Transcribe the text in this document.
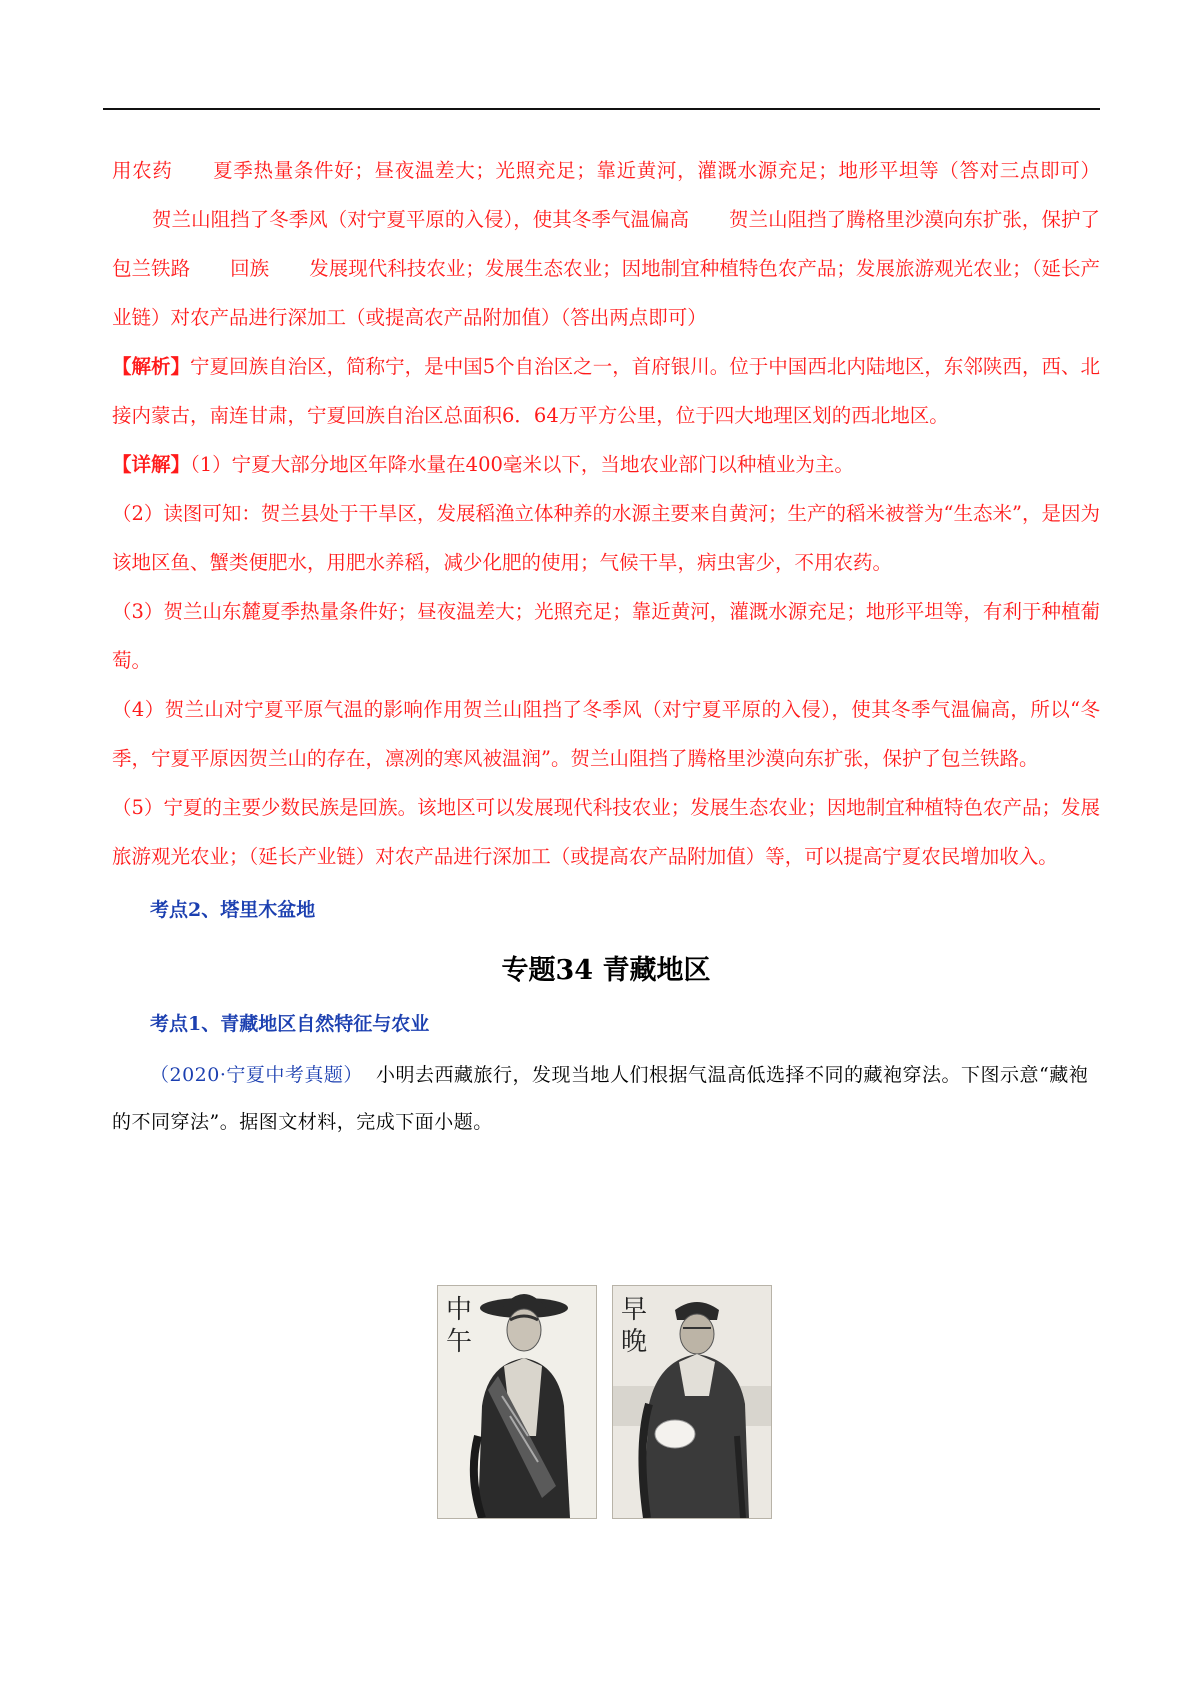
用农药 夏季热量条件好；昼夜温差大；光照充足；靠近黄河，灌溉水源充足；地形平坦等（答对三点即可）贺兰山阻挡了冬季风（对宁夏平原的入侵），使其冬季气温偏高 贺兰山阻挡了腾格里沙漠向东扩张，保护了包兰铁路 回族 发展现代科技农业；发展生态农业；因地制宜种植特色农产品；发展旅游观光农业；（延长产业链）对农产品进行深加工（或提高农产品附加值）（答出两点即可）

【解析】宁夏回族自治区，简称宁，是中国5个自治区之一，首府银川。位于中国西北内陆地区，东邻陕西，西、北接内蒙古，南连甘肃，宁夏回族自治区总面积6．64万平方公里，位于四大地理区划的西北地区。

【详解】（1）宁夏大部分地区年降水量在400毫米以下，当地农业部门以种植业为主。

（2）读图可知：贺兰县处于干旱区，发展稻渔立体种养的水源主要来自黄河；生产的稻米被誉为“生态米”，是因为该地区鱼、蟹类便肥水，用肥水养稻，减少化肥的使用；气候干旱，病虫害少，不用农药。

（3）贺兰山东麓夏季热量条件好；昼夜温差大；光照充足；靠近黄河，灌溉水源充足；地形平坦等，有利于种植葡萄。

（4）贺兰山对宁夏平原气温的影响作用贺兰山阻挡了冬季风（对宁夏平原的入侵），使其冬季气温偏高，所以“冬季，宁夏平原因贺兰山的存在，凛冽的寒风被温润”。贺兰山阻挡了腾格里沙漠向东扩张，保护了包兰铁路。

（5）宁夏的主要少数民族是回族。该地区可以发展现代科技农业；发展生态农业；因地制宜种植特色农产品；发展旅游观光农业；（延长产业链）对农产品进行深加工（或提高农产品附加值）等，可以提高宁夏农民增加收入。

考点2、塔里木盆地

专题34 青藏地区

考点1、青藏地区自然特征与农业

（2020·宁夏中考真题） 小明去西藏旅行，发现当地人们根据气温高低选择不同的藏袍穿法。下图示意“藏袍的不同穿法”。据图文材料，完成下面小题。

中午
早晚
